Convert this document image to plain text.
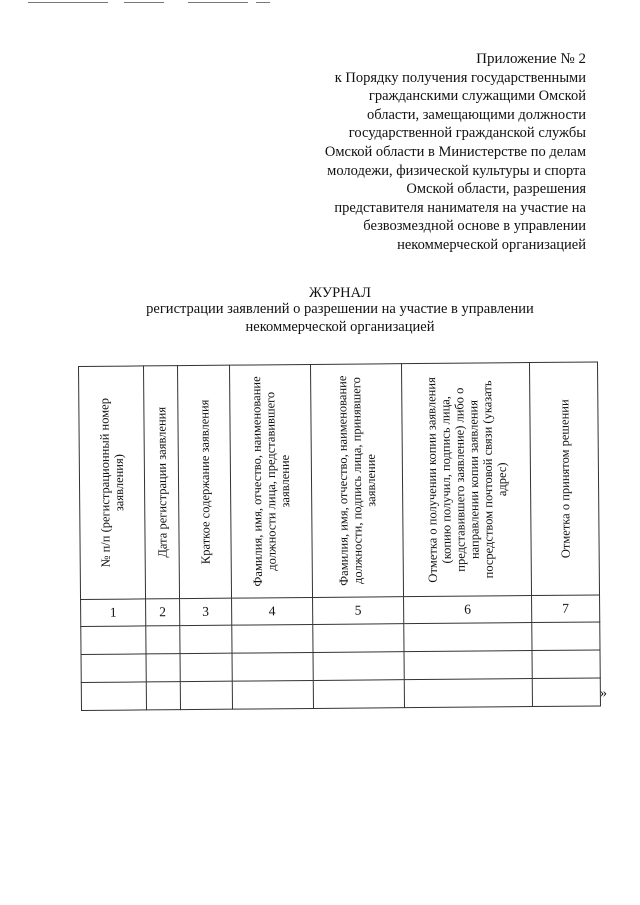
Приложение № 2
к Порядку получения государственными
гражданскими служащими Омской
области, замещающими должности
государственной гражданской службы
Омской области в Министерстве по делам
молодежи, физической культуры и спорта
Омской области, разрешения
представителя нанимателя на участие на
безвозмездной основе в управлении
некоммерческой организацией
ЖУРНАЛ
регистрации заявлений о разрешении на участие в управлении
некоммерческой организацией
№ п/п (регистрационный номер заявления)	Дата регистрации заявления	Краткое содержание заявления	Фамилия, имя, отчество, наименование должности лица, представившего заявление	Фамилия, имя, отчество, наименование должности, подпись лица, принявшего заявление	Отметка о получении копии заявления (копию получил, подпись лица, представившего заявление) либо о направлении копии заявления посредством почтовой связи (указать адрес)	Отметка о принятом решении

1	2	3	4	5	6	7

»
